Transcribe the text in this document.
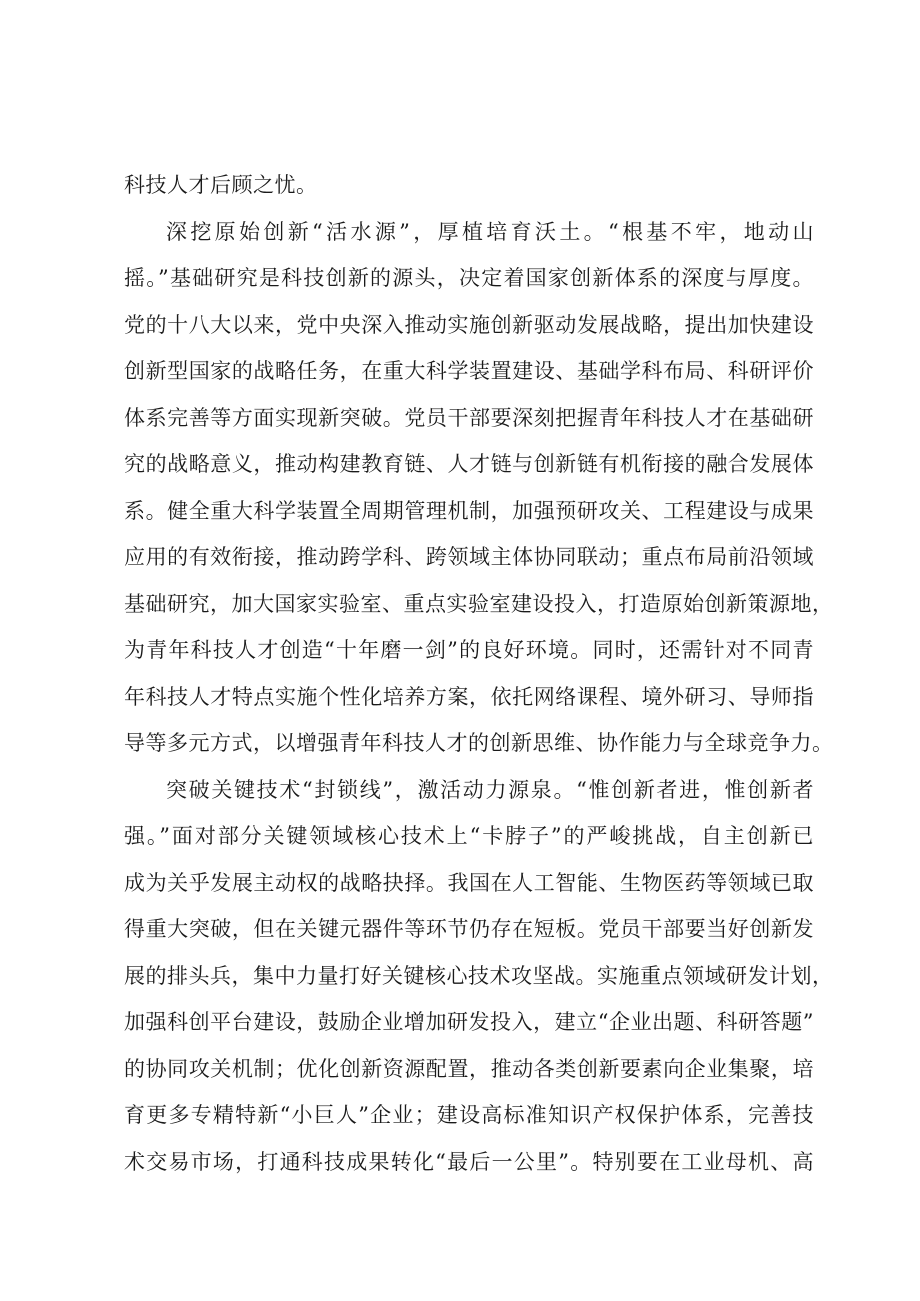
科技人才后顾之忧。
深挖原始创新“活水源”，厚植培育沃土。“根基不牢，地动山
摇。”基础研究是科技创新的源头，决定着国家创新体系的深度与厚度。
党的十八大以来，党中央深入推动实施创新驱动发展战略，提出加快建设
创新型国家的战略任务，在重大科学装置建设、基础学科布局、科研评价
体系完善等方面实现新突破。党员干部要深刻把握青年科技人才在基础研
究的战略意义，推动构建教育链、人才链与创新链有机衔接的融合发展体
系。健全重大科学装置全周期管理机制，加强预研攻关、工程建设与成果
应用的有效衔接，推动跨学科、跨领域主体协同联动；重点布局前沿领域
基础研究，加大国家实验室、重点实验室建设投入，打造原始创新策源地，
为青年科技人才创造“十年磨一剑”的良好环境。同时，还需针对不同青
年科技人才特点实施个性化培养方案，依托网络课程、境外研习、导师指
导等多元方式，以增强青年科技人才的创新思维、协作能力与全球竞争力。
突破关键技术“封锁线”，激活动力源泉。“惟创新者进，惟创新者
强。”面对部分关键领域核心技术上“卡脖子”的严峻挑战，自主创新已
成为关乎发展主动权的战略抉择。我国在人工智能、生物医药等领域已取
得重大突破，但在关键元器件等环节仍存在短板。党员干部要当好创新发
展的排头兵，集中力量打好关键核心技术攻坚战。实施重点领域研发计划，
加强科创平台建设，鼓励企业增加研发投入，建立“企业出题、科研答题”
的协同攻关机制；优化创新资源配置，推动各类创新要素向企业集聚，培
育更多专精特新“小巨人”企业；建设高标准知识产权保护体系，完善技
术交易市场，打通科技成果转化“最后一公里”。特别要在工业母机、高
